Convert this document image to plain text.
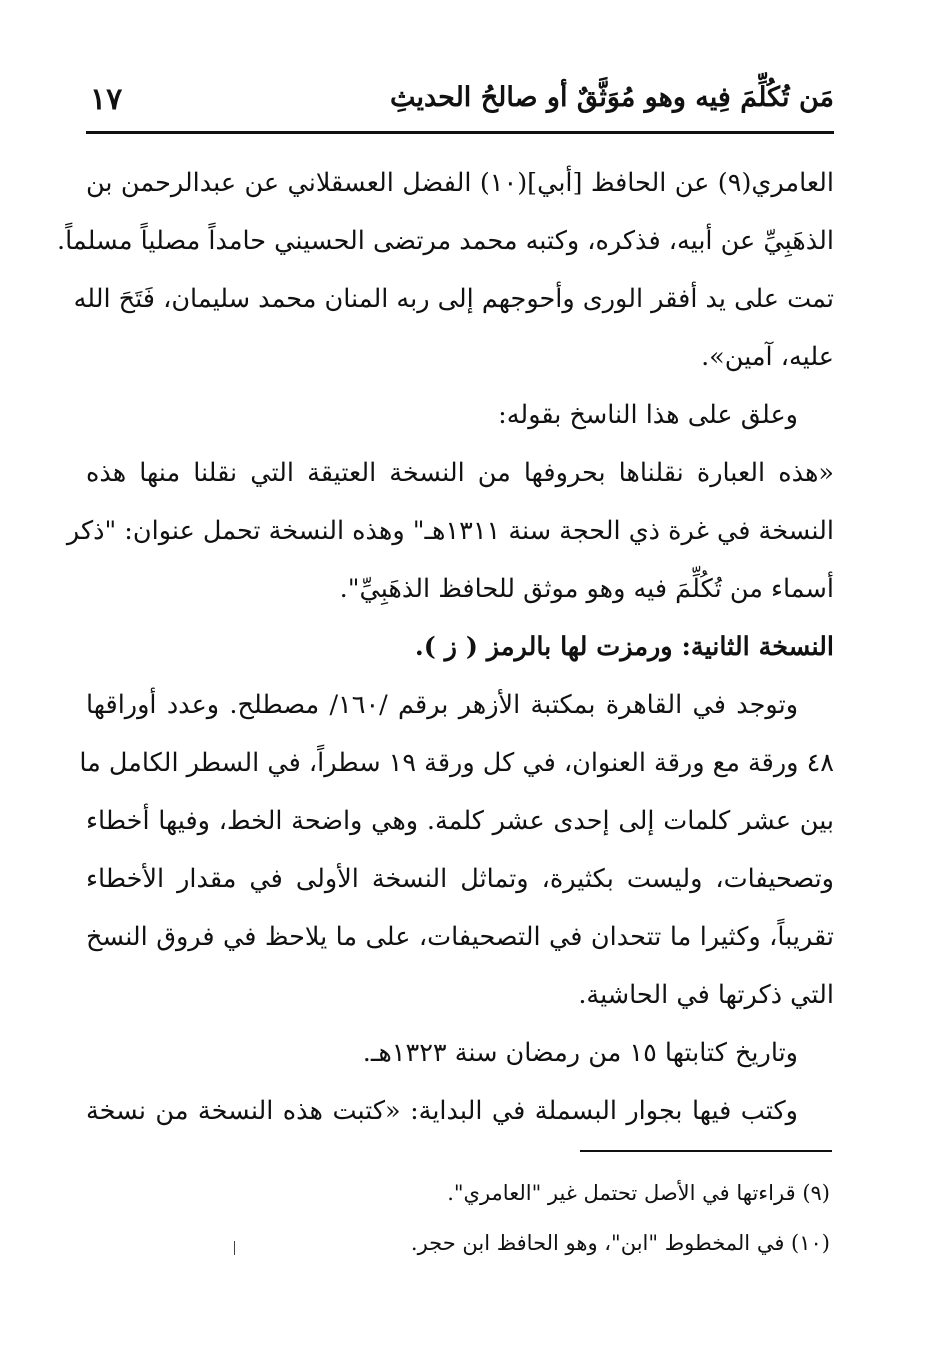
مَن تُكُلِّمَ فِيه وهو مُوَثَّقٌ أو صالحُ الحديثِ
١٧
العامري(٩) عن الحافظ [أبي](١٠) الفضل العسقلاني عن عبدالرحمن بن
الذهَبِيِّ عن أبيه، فذكره، وكتبه محمد مرتضى الحسيني حامداً مصلياً مسلماً.
تمت على يد أفقر الورى وأحوجهم إلى ربه المنان محمد سليمان، فَتَحَ الله
عليه، آمين».
وعلق على هذا الناسخ بقوله:
«هذه العبارة نقلناها بحروفها من النسخة العتيقة التي نقلنا منها هذه
النسخة في غرة ذي الحجة سنة ١٣١١هـ" وهذه النسخة تحمل عنوان: "ذكر
أسماء من تُكُلِّمَ فيه وهو موثق للحافظ الذهَبِيِّ".
النسخة الثانية: ورمزت لها بالرمز ( ز ).
وتوجد في القاهرة بمكتبة الأزهر برقم /١٦٠/ مصطلح. وعدد أوراقها
٤٨ ورقة مع ورقة العنوان، في كل ورقة ١٩ سطراً، في السطر الكامل ما
بين عشر كلمات إلى إحدى عشر كلمة. وهي واضحة الخط، وفيها أخطاء
وتصحيفات، وليست بكثيرة، وتماثل النسخة الأولى في مقدار الأخطاء
تقريباً، وكثيرا ما تتحدان في التصحيفات، على ما يلاحظ في فروق النسخ
التي ذكرتها في الحاشية.
وتاريخ كتابتها ١٥ من رمضان سنة ١٣٢٣هـ.
وكتب فيها بجوار البسملة في البداية: «كتبت هذه النسخة من نسخة
(٩) قراءتها في الأصل تحتمل غير "العامري".
(١٠) في المخطوط "ابن"، وهو الحافظ ابن حجر.
